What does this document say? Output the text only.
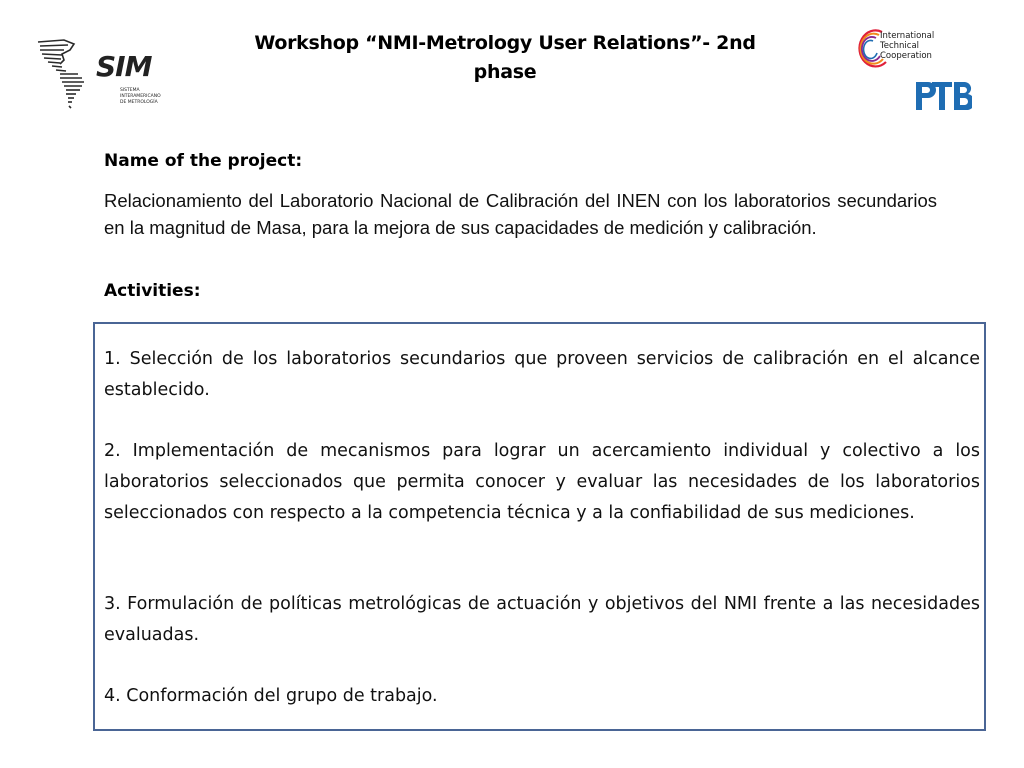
SIM
SISTEMA
INTERAMERICANO
DE METROLOGÍA
Workshop “NMI-Metrology User Relations”- 2nd
phase
International
Technical
Cooperation
Name of the project:
Relacionamiento del Laboratorio Nacional de Calibración del INEN con los laboratorios secundarios en la magnitud de Masa, para la mejora de sus capacidades de medición y calibración.
Activities:
1. Selección de los laboratorios secundarios que proveen servicios de calibración en el alcance establecido.
2. Implementación de mecanismos para lograr un acercamiento individual y colectivo a los laboratorios seleccionados que permita conocer y evaluar las necesidades de los laboratorios seleccionados con respecto a la competencia técnica y a la confiabilidad de sus mediciones.
3. Formulación de políticas metrológicas de actuación y objetivos del NMI frente a las necesidades evaluadas.
4. Conformación del grupo de trabajo.
